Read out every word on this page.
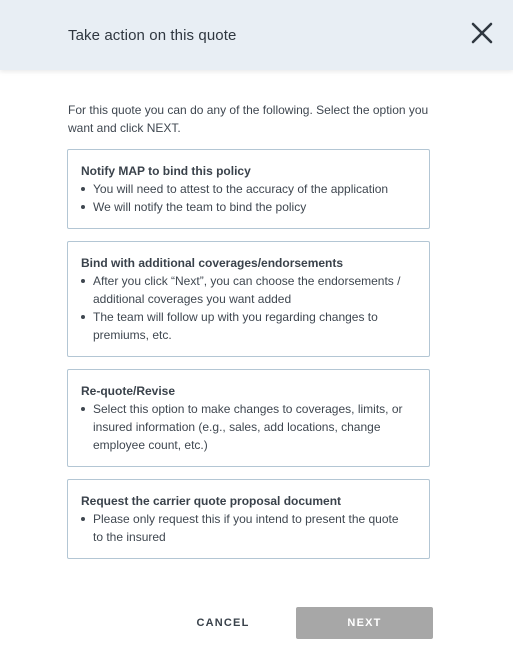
Take action on this quote
For this quote you can do any of the following. Select the option you want and click NEXT.
Notify MAP to bind this policy
You will need to attest to the accuracy of the application
We will notify the team to bind the policy
Bind with additional coverages/endorsements
After you click “Next”, you can choose the endorsements / additional coverages you want added
The team will follow up with you regarding changes to premiums, etc.
Re-quote/Revise
Select this option to make changes to coverages, limits, or insured information (e.g., sales, add locations, change employee count, etc.)
Request the carrier quote proposal document
Please only request this if you intend to present the quote to the insured
CANCEL	NEXT
